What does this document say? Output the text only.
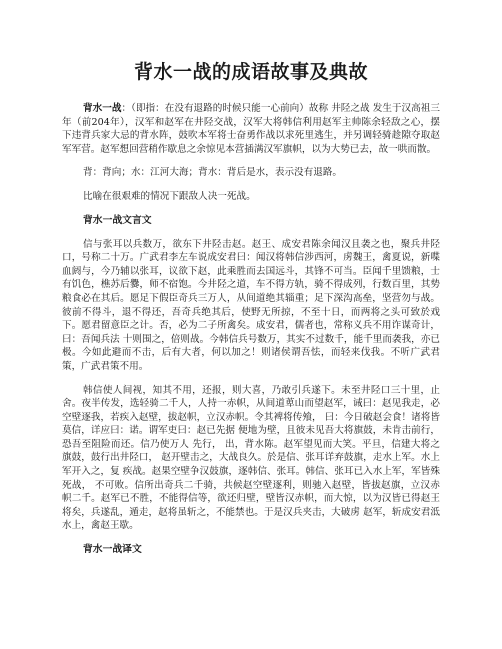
背水一战的成语故事及典故

背水一战：（即指：在没有退路的时候只能一心前向）故称 井陉之战 发生于汉高祖三年（前204年），汉军和赵军在井陉交战，汉军大将韩信利用赵军主帅陈余轻敌之心，摆下违背兵家大忌的背水阵，鼓吹本军将士奋勇作战以求死里逃生，并另调轻骑趁隙夺取赵军军营。赵军想回营稍作歇息之余惊见本营插满汉军旗帜，以为大势已去，故一哄而散。

背：背向；水：江河大海；背水：背后是水，表示没有退路。

比喻在很艰难的情况下跟敌人决一死战。

背水一战文言文

信与张耳以兵数万，欲东下井陉击赵。赵王、成安君陈余闻汉且袭之也，聚兵井陉口，号称二十万。广武君李左车说成安君曰：闻汉将韩信涉西河，虏魏王，禽夏说，新喋血阏与，今乃辅以张耳，议欲下赵，此乘胜而去国远斗，其锋不可当。臣闻千里馈粮，士有饥色，樵苏后爨，师不宿饱。今井陉之道，车不得方轨，骑不得成列，行数百里，其势粮食必在其后。愿足下假臣奇兵三万人，从间道绝其辎重；足下深沟高垒，坚营勿与战。彼前不得斗，退不得还，吾奇兵绝其后，使野无所掠，不至十日，而两将之头可致於戏下。愿君留意臣之计。否，必为二子所禽矣。成安君，儒者也，常称义兵不用诈谋奇计，曰：吾闻兵法 十则围之，倍则战。今韩信兵号数万，其实不过数千，能千里而袭我，亦已极。今如此避而不击，后有大者，何以加之！则诸侯谓吾怯，而轻来伐我。不听广武君策，广武君策不用。

韩信使人间视，知其不用，还报，则大喜，乃敢引兵遂下。未至井陉口三十里，止舍。夜半传发，选轻骑二千人，人持一赤帜，从间道萆山而望赵军，诫曰：赵见我走，必空壁逐我，若疾入赵壁，拔赵帜，立汉赤帜。令其裨将传飧， 曰：今日破赵会食！诸将皆莫信，详应曰：诺。谓军吏曰：赵已先据 便地为壁，且彼未见吾大将旗鼓，未肯击前行，恐吾至阻险而还。信乃使万人 先行， 出，背水陈。赵军望见而大笑。平旦，信建大将之旗鼓，鼓行出井陉口， 赵开壁击之，大战良久。於是信、张耳详弃鼓旗，走水上军。水上军开入之，复 疾战。赵果空壁争汉鼓旗，逐韩信、张耳。韩信、张耳已入水上军，军皆殊死战， 不可败。信所出奇兵二千骑，共候赵空壁逐利，则驰入赵壁，皆拔赵旗，立汉赤 帜二千。赵军已不胜，不能得信等，欲还归壁，壁皆汉赤帜，而大惊，以为汉皆已得赵王将矣，兵遂乱，遁走，赵将虽斩之，不能禁也。于是汉兵夹击，大破虏 赵军，斩成安君泜水上，禽赵王歇。

背水一战译文
